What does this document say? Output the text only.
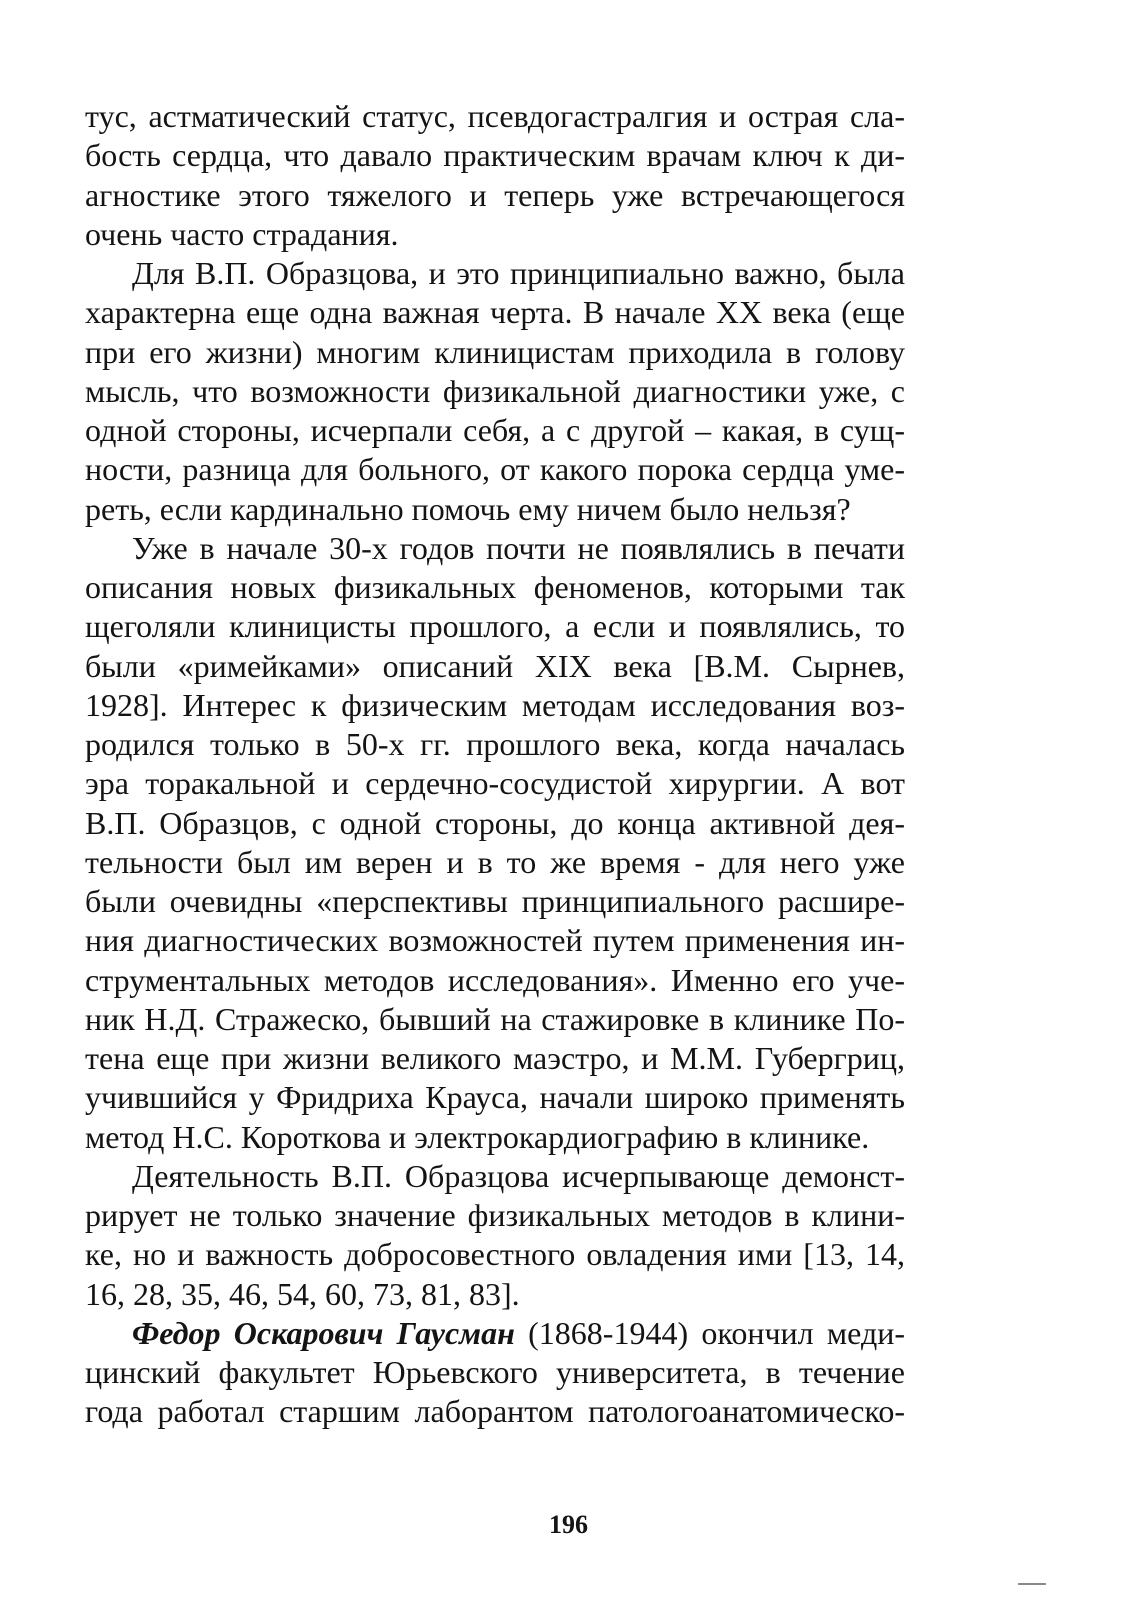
тус, астматический статус, псевдогастралгия и острая сла-
бость сердца, что давало практическим врачам ключ к ди-
агностике этого тяжелого и теперь уже встречающегося
очень часто страдания.
Для В.П. Образцова, и это принципиально важно, была
характерна еще одна важная черта. В начале XX века (еще
при его жизни) многим клиницистам приходила в голову
мысль, что возможности физикальной диагностики уже, с
одной стороны, исчерпали себя, а с другой – какая, в сущ-
ности, разница для больного, от какого порока сердца уме-
реть, если кардинально помочь ему ничем было нельзя?
Уже в начале 30-х годов почти не появлялись в печати
описания новых физикальных феноменов, которыми так
щеголяли клиницисты прошлого, а если и появлялись, то
были «римейками» описаний XIX века [В.М. Сырнев,
1928]. Интерес к физическим методам исследования воз-
родился только в 50-х гг. прошлого века, когда началась
эра торакальной и сердечно-сосудистой хирургии. А вот
В.П. Образцов, с одной стороны, до конца активной дея-
тельности был им верен и в то же время - для него уже
были очевидны «перспективы принципиального расшире-
ния диагностических возможностей путем применения ин-
струментальных методов исследования». Именно его уче-
ник Н.Д. Стражеско, бывший на стажировке в клинике По-
тена еще при жизни великого маэстро, и М.М. Губергриц,
учившийся у Фридриха Крауса, начали широко применять
метод Н.С. Короткова и электрокардиографию в клинике.
Деятельность В.П. Образцова исчерпывающе демонст-
рирует не только значение физикальных методов в клини-
ке, но и важность добросовестного овладения ими [13, 14,
16, 28, 35, 46, 54, 60, 73, 81, 83].
Федор Оскарович Гаусман (1868-1944) окончил меди-
цинский факультет Юрьевского университета, в течение
года работал старшим лаборантом патологоанатомическо-
196
